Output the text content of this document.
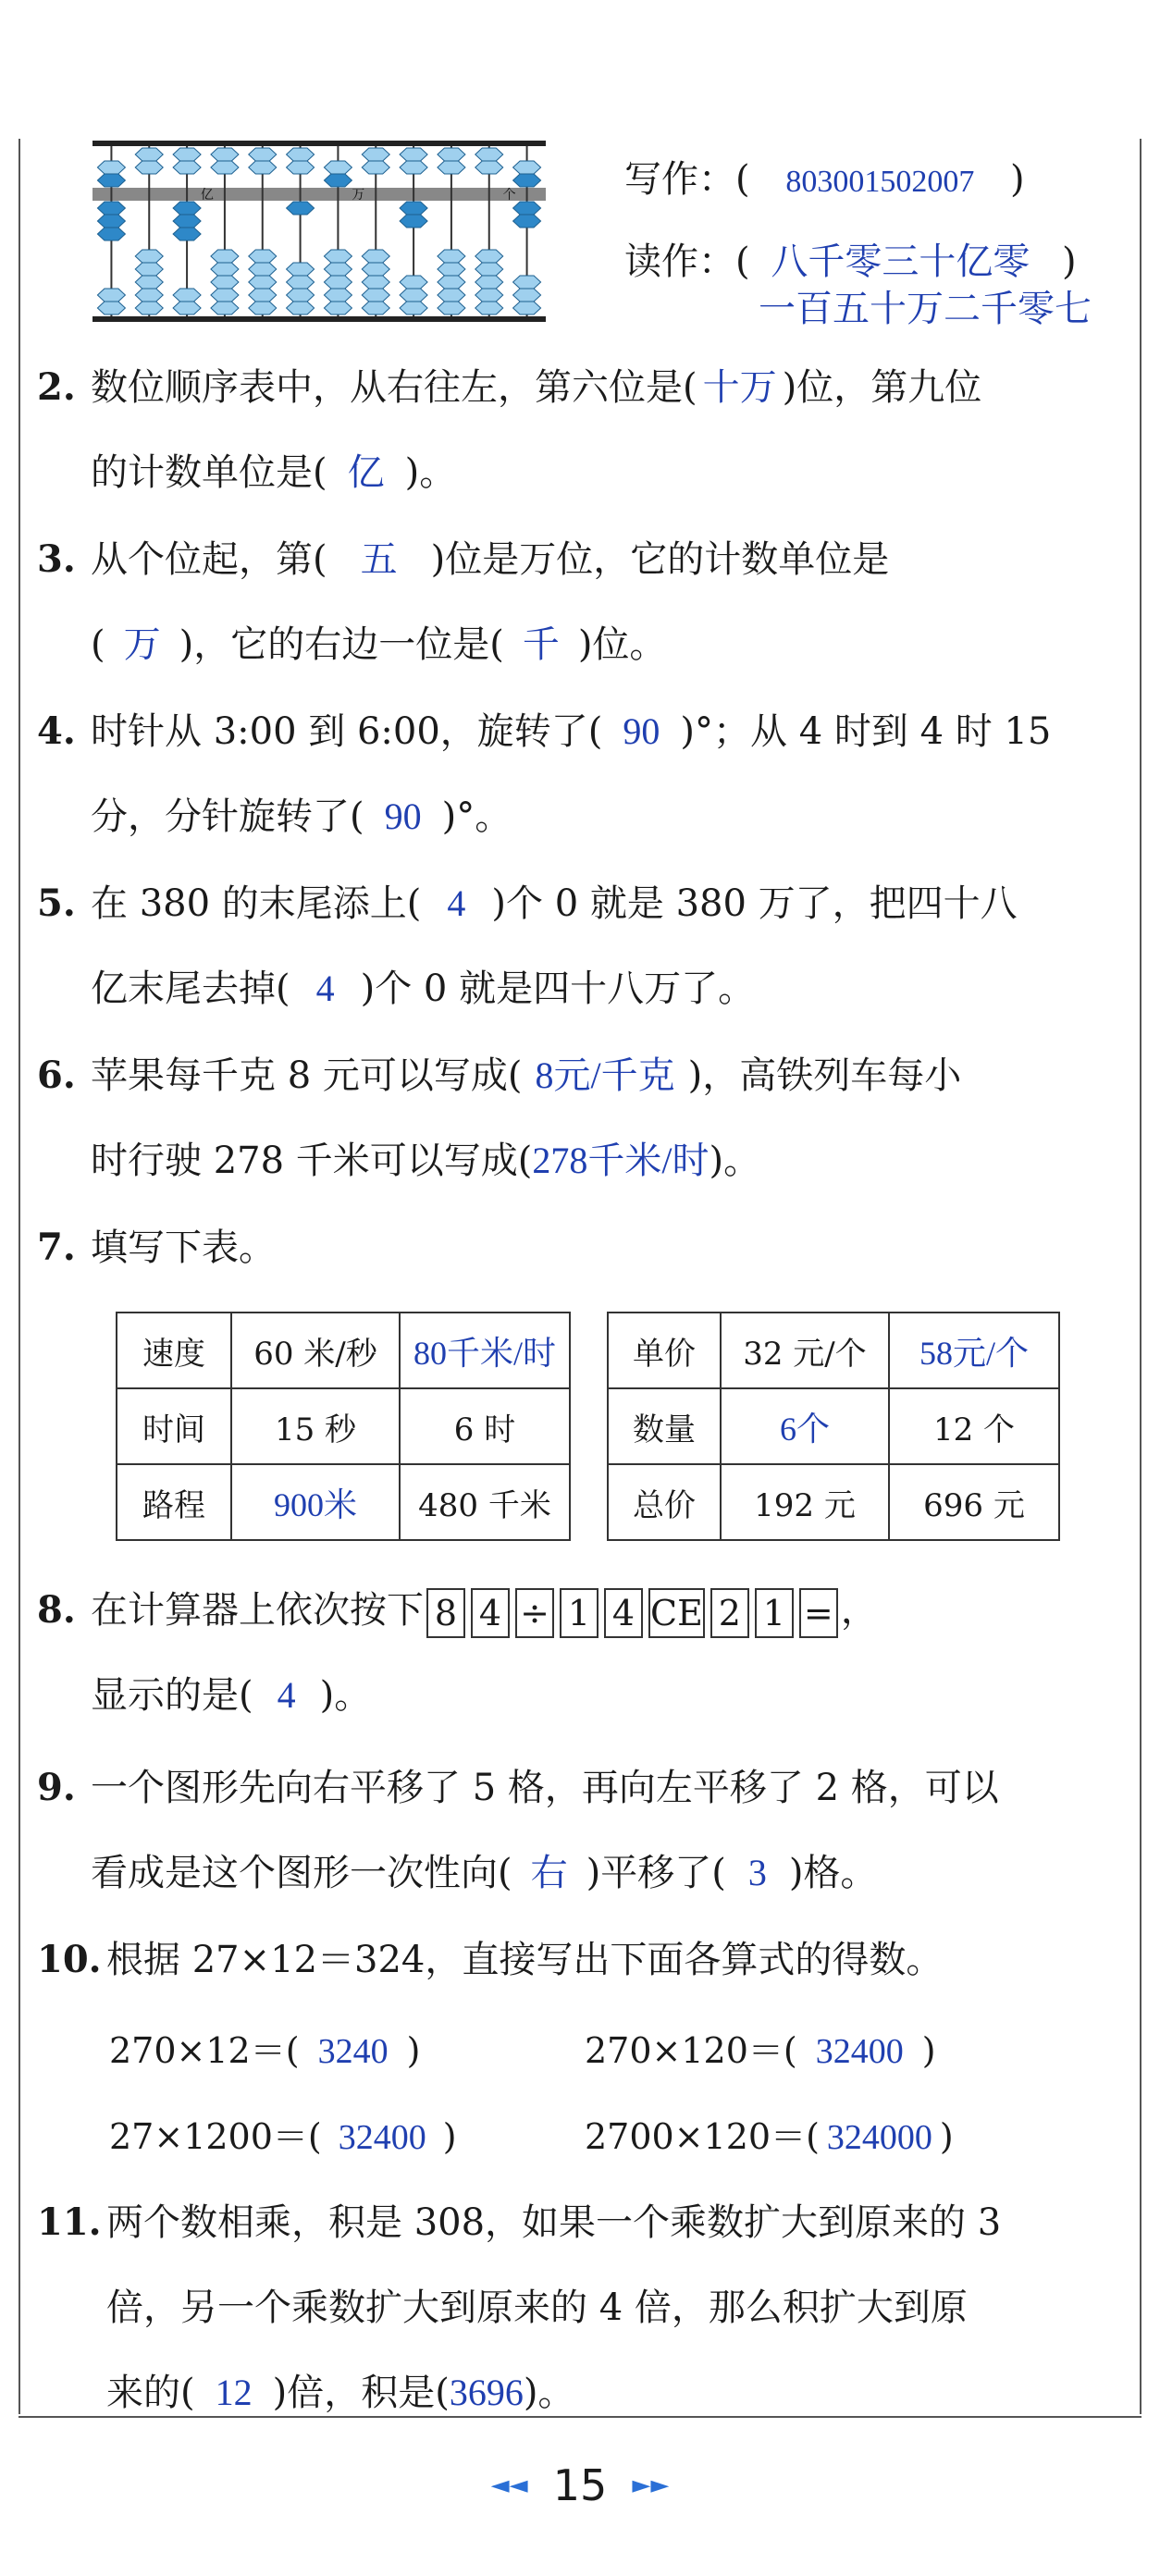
亿	万	个	写作：( 803001502007 )
读作：( 八千零三十亿零 )
一百五十万二千零七
2. 数位顺序表中，从右往左，第六位是( 十万 )位，第九位
的计数单位是( 亿 )。
3. 从个位起，第( 五 )位是万位，它的计数单位是
( 万 )，它的右边一位是( 千 )位。
4. 时针从 3:00 到 6:00，旋转了( 90 )°；从 4 时到 4 时 15
分，分针旋转了( 90 )°。
5. 在 380 的末尾添上( 4 )个 0 就是 380 万了，把四十八
亿末尾去掉( 4 )个 0 就是四十八万了。
6. 苹果每千克 8 元可以写成( 8元/千克 )，高铁列车每小
时行驶 278 千米可以写成(278千米/时)。
7. 填写下表。
速度	60 米/秒	80千米/时
时间	15 秒	6 时
路程	900米	480 千米
单价	32 元/个	58元/个
数量	6个	12 个
总价	192 元	696 元
8. 在计算器上依次按下 8 4 ÷ 1 4 CE 2 1 = ，
显示的是( 4 )。
9. 一个图形先向右平移了 5 格，再向左平移了 2 格，可以
看成是这个图形一次性向( 右 )平移了( 3 )格。
10. 根据 27×12＝324，直接写出下面各算式的得数。
270×12＝( 3240 )	270×120＝( 32400 )
27×1200＝( 32400 )	2700×120＝( 324000 )
11. 两个数相乘，积是 308，如果一个乘数扩大到原来的 3
倍，另一个乘数扩大到原来的 4 倍，那么积扩大到原
来的( 12 )倍，积是(3696)。
◄◄ 15 ►►
